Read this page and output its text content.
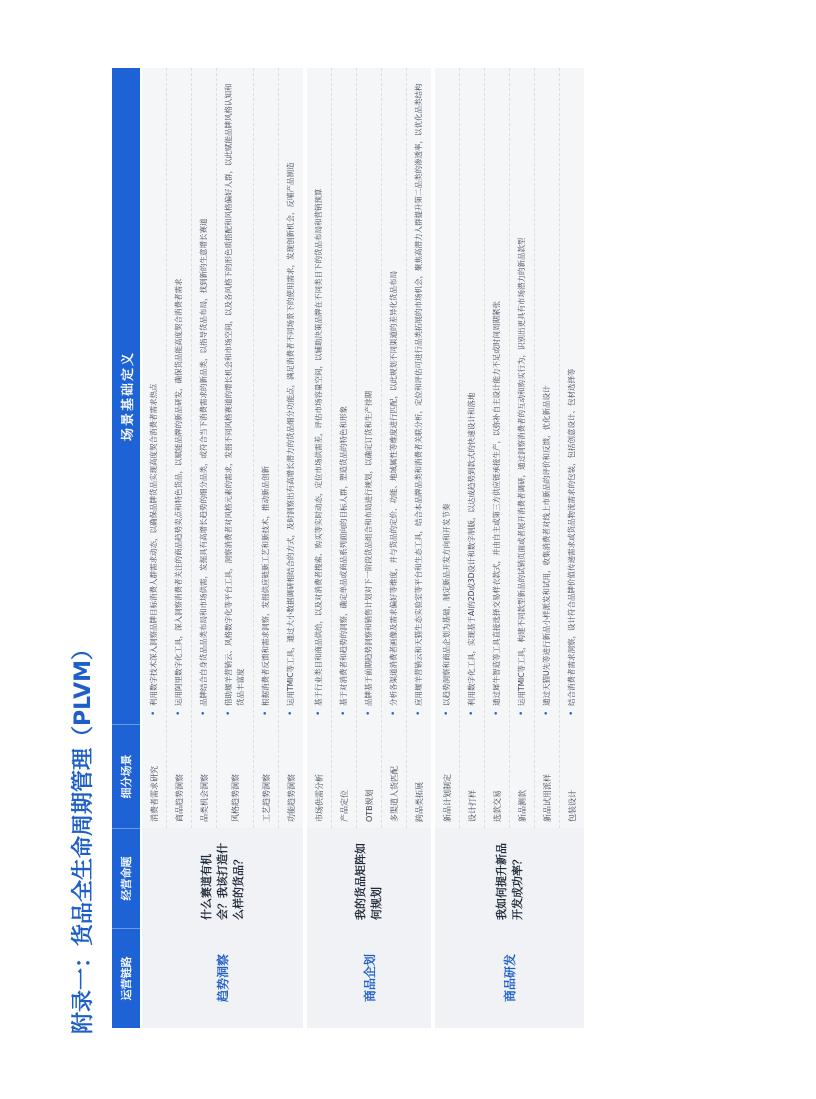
附录一：货品全生命周期管理（PLVM）	运营链路
经营命题
细分场景
场景基础定义
趋势洞察
什么赛道有机会？我该打造什么样的货品？
消费者需求研究
• 利用数字技术深入洞察品牌目标消费人群需求动态，以确保品牌货品实现高度契合消费者需求热点
商品趋势洞察
• 运用阿里数字化工具，深入洞察消费者关注的商品趋势卖点和特色货品，以赋能品牌的新品研发，确保货品能高度契合消费者需求
品类机会洞察
• 品牌结合自身货品品类布局和市场供需，发掘具有高增长趋势的细分品类，或符合当下消费需求的新品类，以指导货品布局，找到新的生意增长赛道
风格趋势洞察
• 借助堰羊营销云、风格数字化等平台工具，洞察消费者对风格元素的需求，发掘不同风格赛道的增长机会和市场空间，以及各风格下的形色质搭配和风格偏好人群，以此赋能品牌风格认知和货品丰富度
工艺趋势洞察
• 根据消费者反馈和需求洞察，发掘供应链新工艺和新技术，推动新品创新
功能趋势洞察
• 运用TMIC等工具，通过大小数据调研相结合的方式，及时洞察出有高增长潜力的货品细分功能点，满足消费者不同场景下的使用需求，发现创新机会，反哺产品制造
商品企划
我的货品矩阵如何规划
市场供需分析
• 基于行业类目和商品供给，以及对消费者搜索、购买等实时动态，定位市场供需差，评估市场容量空间，以辅助決策品牌在不同类目下的货品布局和营销预算
产品定位
• 基于对消费者和趋势的洞察，确定单品或商品系列面向的目标人群，塑造货品的特色和形象
OTB规划
• 品牌基于前期趋势洞察和销售计划对下一阶段货品组合和布局进行规划，以确定订货和生产排期
多渠道人货匹配
• 分析各渠道消费者画像及需求偏好等维度，并与货品的定价、功能、地域属性等维度进行匹配，以此规划不同渠道的差异化货品布局
跨品类拓展
• 应用堰羊营销云和天猫生态实验室等平台和生态工具，结合本品牌品类和消费者关联分析，定位和评估可进行品类拓展的市场机会，聚焦高潜力人群提升第二品类的渗透率，以优化品类结构
商品研发
我如何提升新品开发成功率？
新品计划制定
• 以趋势洞察和商品企划为基础，制定新品开发方向和开发节奏
设计打样
• 利用数字化工具，实现基于AI的2D或3D设计和数字制版，以达成趋势到款式的快速设计和落地
选款交易
• 通过犀牛智造等工具直接选择交易样衣款式，并由自主或第三方供应链承接生产，以弥补自主设计能力不足或时间周期紧张
新品测款
• 运用TMIC等工具，构建不同款型新品的试销页面或者展开消费者调研，通过洞察消费者的互动和购买行为，识别出更具有市场潜力的新品款型
新品试用派样
• 通过天猫U先等进行新品小样派发和试用，收集消费者对线上市新品的评价和反馈，优化新品设计
包装设计
• 结合消费者需求洞察，设计符合品牌价值传递需求或货品物流需求的包装，包括创意设计、包材选择等
